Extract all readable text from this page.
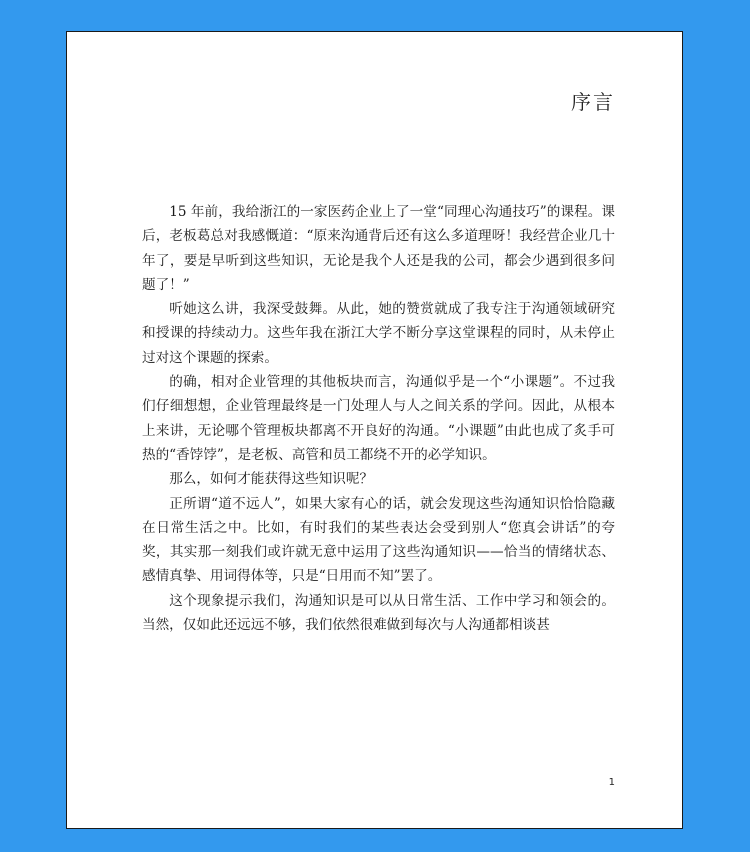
序言

15 年前，我给浙江的一家医药企业上了一堂“同理心沟通技巧”的课程。课后，老板葛总对我感慨道：“原来沟通背后还有这么多道理呀！我经营企业几十年了，要是早听到这些知识，无论是我个人还是我的公司，都会少遇到很多问题了！”

听她这么讲，我深受鼓舞。从此，她的赞赏就成了我专注于沟通领域研究和授课的持续动力。这些年我在浙江大学不断分享这堂课程的同时，从未停止过对这个课题的探索。

的确，相对企业管理的其他板块而言，沟通似乎是一个“小课题”。不过我们仔细想想，企业管理最终是一门处理人与人之间关系的学问。因此，从根本上来讲，无论哪个管理板块都离不开良好的沟通。“小课题”由此也成了炙手可热的“香饽饽”，是老板、高管和员工都绕不开的必学知识。

那么，如何才能获得这些知识呢？

正所谓“道不远人”，如果大家有心的话，就会发现这些沟通知识恰恰隐藏在日常生活之中。比如，有时我们的某些表达会受到别人“您真会讲话”的夸奖，其实那一刻我们或许就无意中运用了这些沟通知识——恰当的情绪状态、感情真挚、用词得体等，只是“日用而不知”罢了。

这个现象提示我们，沟通知识是可以从日常生活、工作中学习和领会的。当然，仅如此还远远不够，我们依然很难做到每次与人沟通都相谈甚

1
